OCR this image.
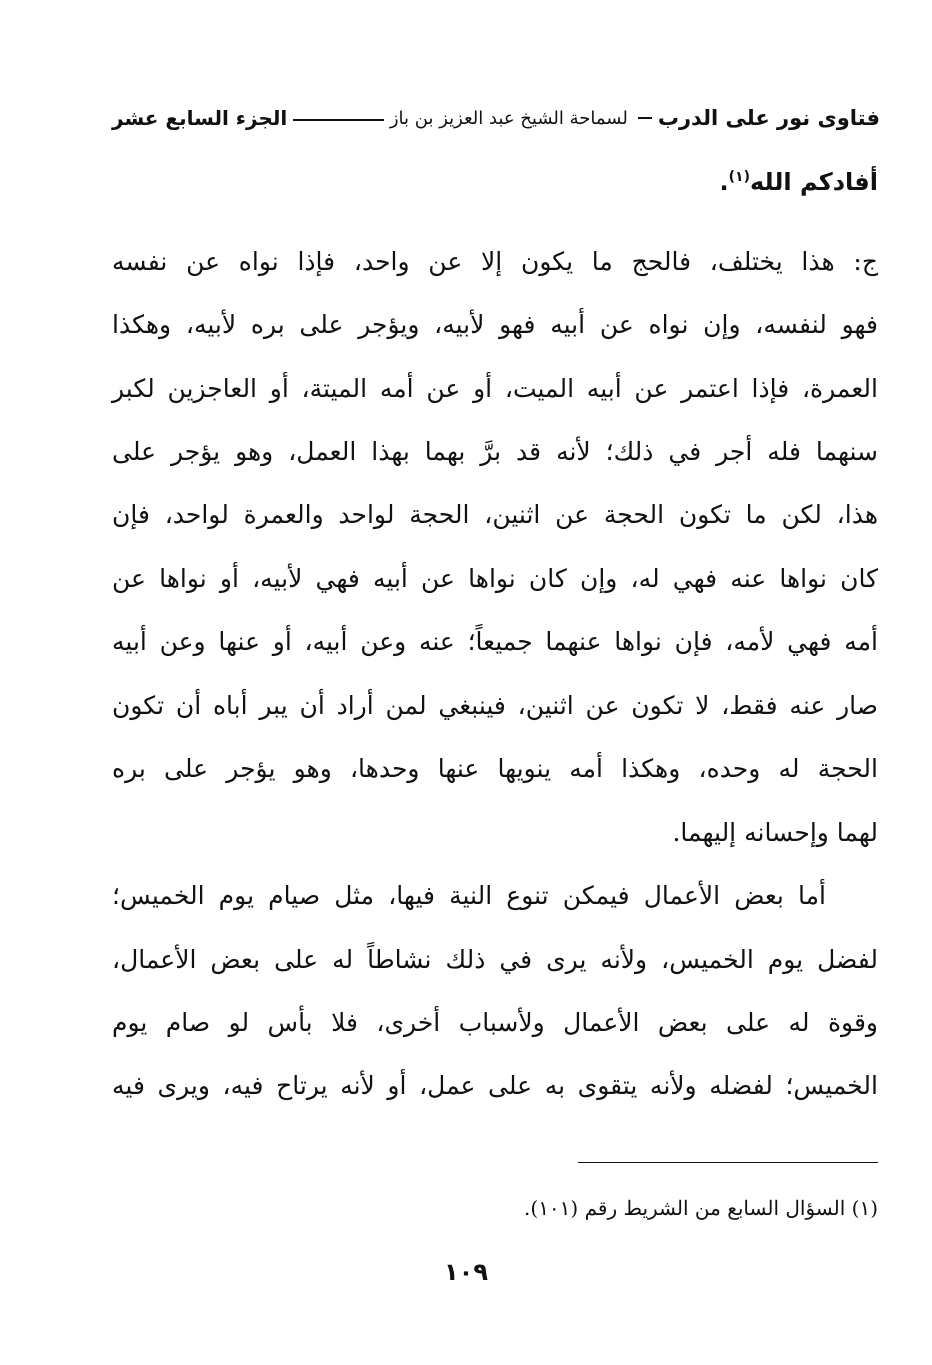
فتاوى نور على الدرب
لسماحة الشيخ عبد العزيز بن باز
الجزء السابع عشر
أفادكم الله$^{(١)}$.
ج: هذا يختلف، فالحج ما يكون إلا عن واحد، فإذا نواه عن نفسه
فهو لنفسه، وإن نواه عن أبيه فهو لأبيه، ويؤجر على بره لأبيه، وهكذا
العمرة، فإذا اعتمر عن أبيه الميت، أو عن أمه الميتة، أو العاجزين لكبر
سنهما فله أجر في ذلك؛ لأنه قد برَّ بهما بهذا العمل، وهو يؤجر على
هذا، لكن ما تكون الحجة عن اثنين، الحجة لواحد والعمرة لواحد، فإن
كان نواها عنه فهي له، وإن كان نواها عن أبيه فهي لأبيه، أو نواها عن
أمه فهي لأمه، فإن نواها عنهما جميعاً؛ عنه وعن أبيه، أو عنها وعن أبيه
صار عنه فقط، لا تكون عن اثنين، فينبغي لمن أراد أن يبر أباه أن تكون
الحجة له وحده، وهكذا أمه ينويها عنها وحدها، وهو يؤجر على بره
لهما وإحسانه إليهما.
أما بعض الأعمال فيمكن تنوع النية فيها، مثل صيام يوم الخميس؛
لفضل يوم الخميس، ولأنه يرى في ذلك نشاطاً له على بعض الأعمال،
وقوة له على بعض الأعمال ولأسباب أخرى، فلا بأس لو صام يوم
الخميس؛ لفضله ولأنه يتقوى به على عمل، أو لأنه يرتاح فيه، ويرى فيه
(١) السؤال السابع من الشريط رقم (١٠١).
١٠٩
